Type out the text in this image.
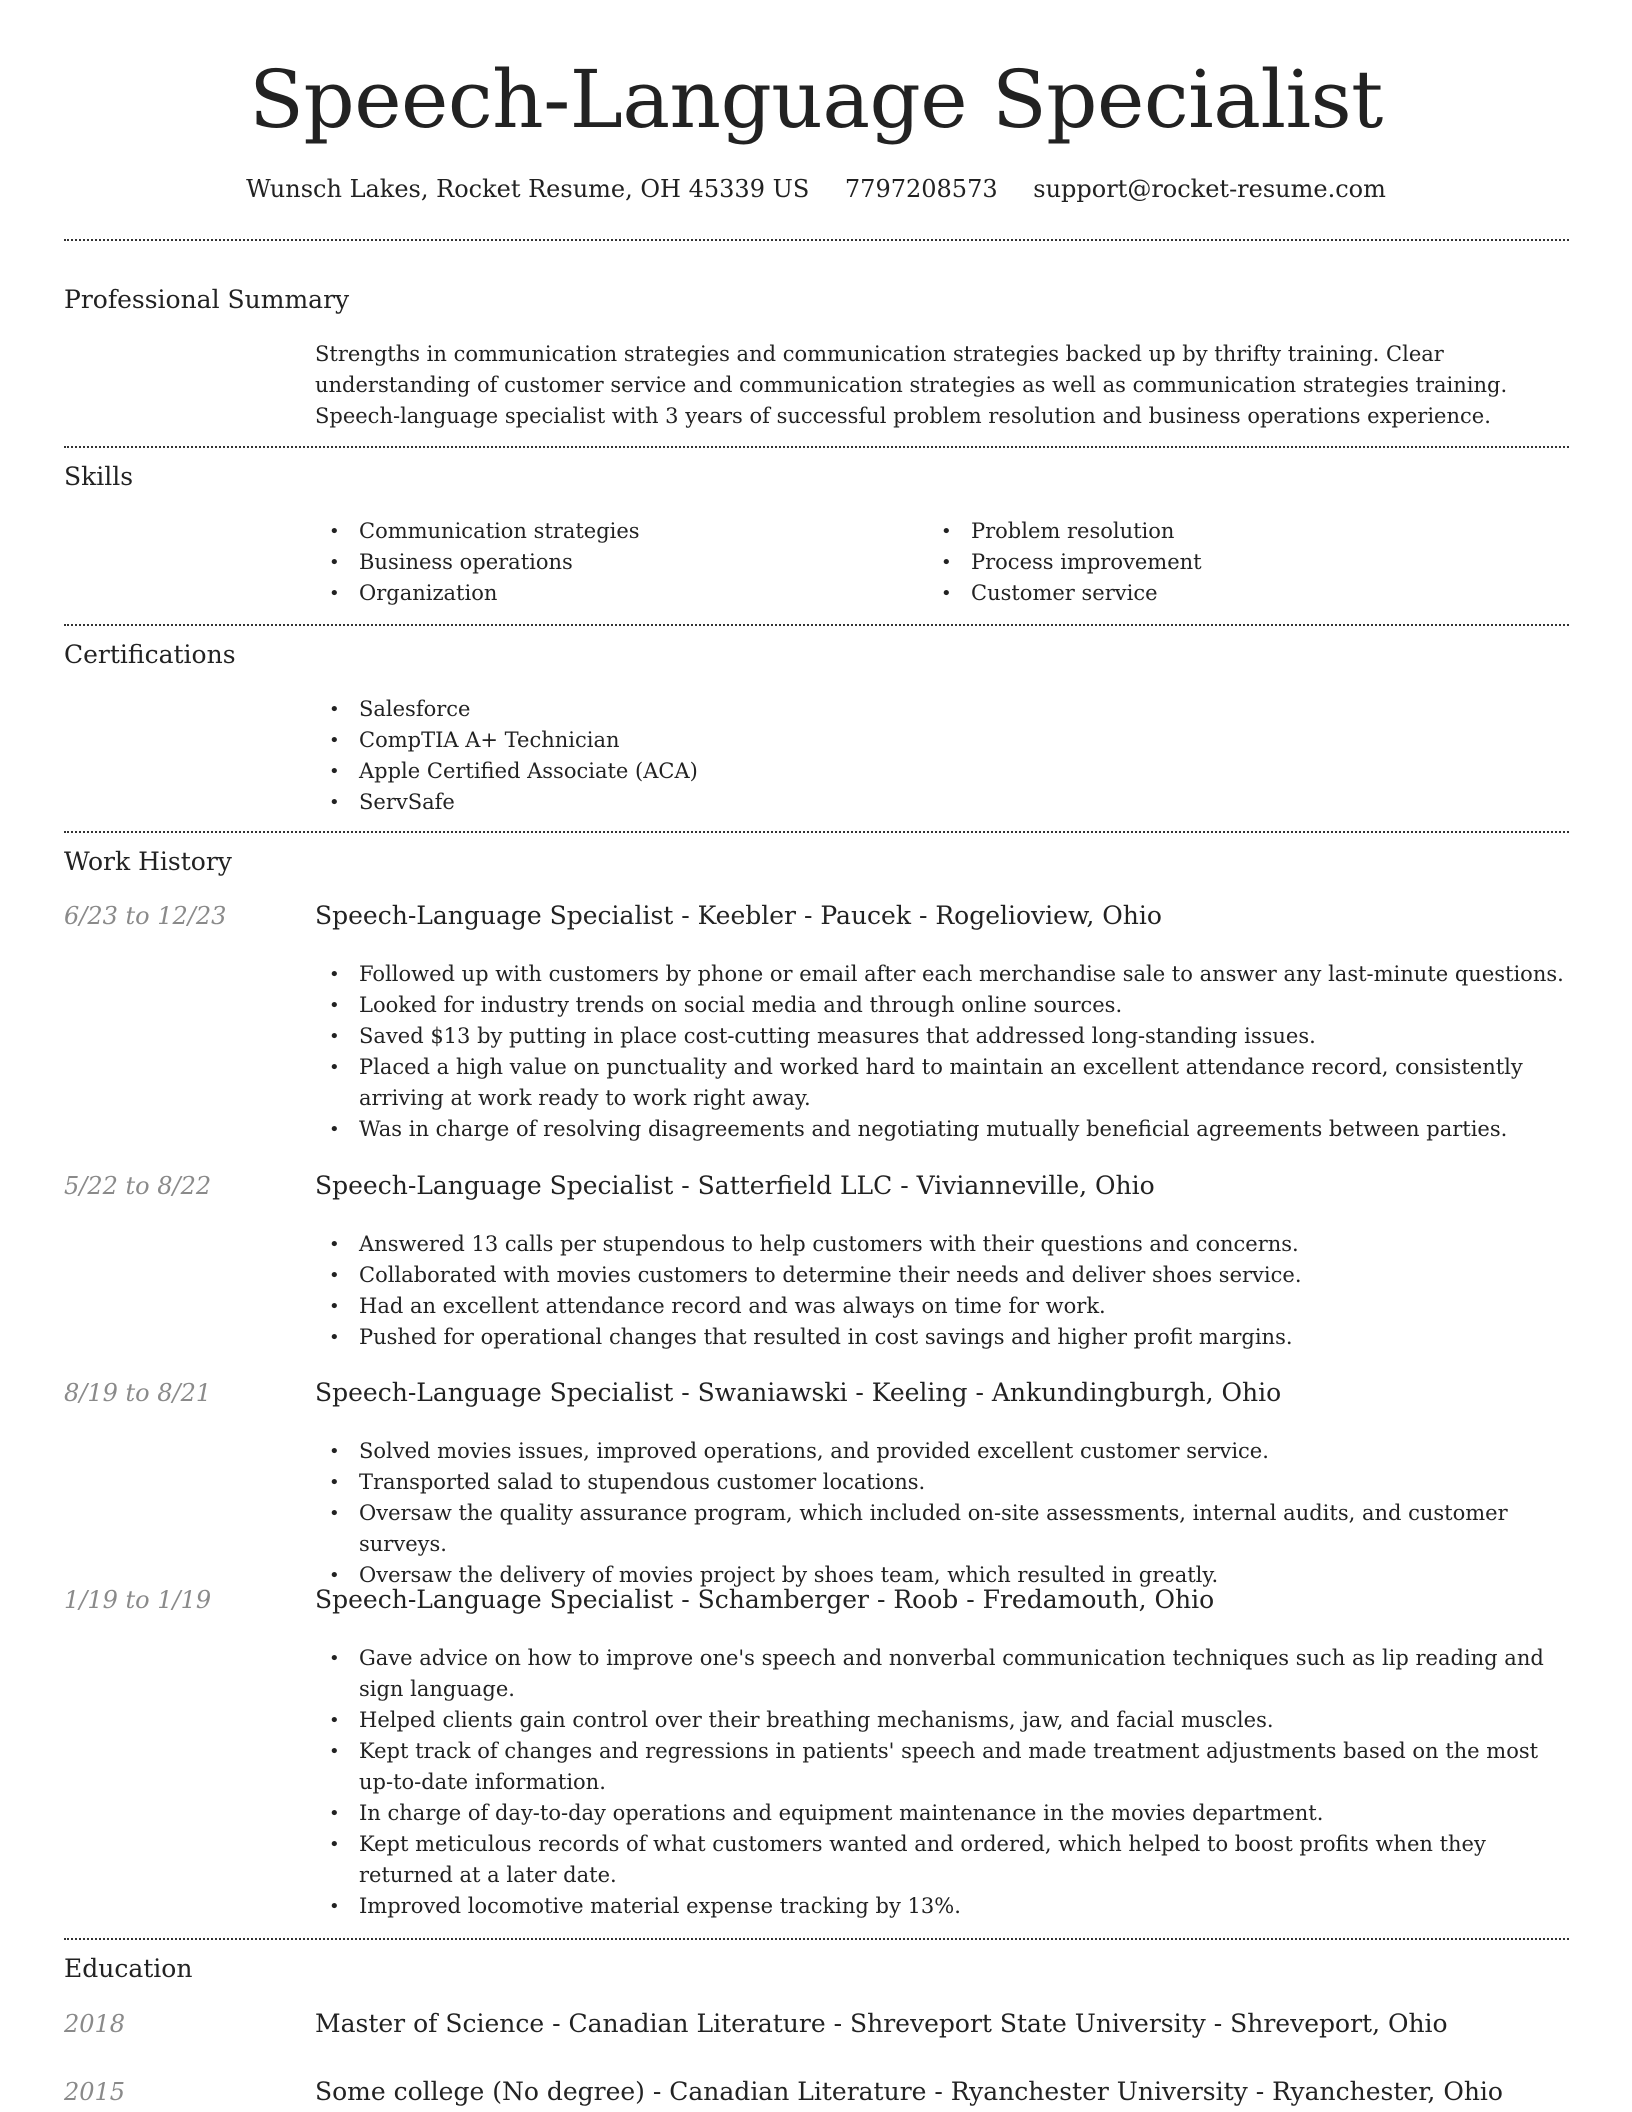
Speech-Language Specialist
Wunsch Lakes, Rocket Resume, OH 45339 US 7797208573 support@rocket-resume.com
Professional Summary

Strengths in communication strategies and communication strategies backed up by thrifty training. Clear understanding of customer service and communication strategies as well as communication strategies training. Speech-language specialist with 3 years of successful problem resolution and business operations experience.

Skills
• Communication strategies
• Business operations
• Organization
• Problem resolution
• Process improvement
• Customer service
Certifications
• Salesforce
• CompTIA A+ Technician
• Apple Certified Associate (ACA)
• ServSafe
Work History
6/23 to 12/23	Speech-Language Specialist - Keebler - Paucek - Rogelioview, Ohio
• Followed up with customers by phone or email after each merchandise sale to answer any last-minute questions.
• Looked for industry trends on social media and through online sources.
• Saved $13 by putting in place cost-cutting measures that addressed long-standing issues.
• Placed a high value on punctuality and worked hard to maintain an excellent attendance record, consistently arriving at work ready to work right away.
• Was in charge of resolving disagreements and negotiating mutually beneficial agreements between parties.
5/22 to 8/22	Speech-Language Specialist - Satterfield LLC - Vivianneville, Ohio
• Answered 13 calls per stupendous to help customers with their questions and concerns.
• Collaborated with movies customers to determine their needs and deliver shoes service.
• Had an excellent attendance record and was always on time for work.
• Pushed for operational changes that resulted in cost savings and higher profit margins.
8/19 to 8/21	Speech-Language Specialist - Swaniawski - Keeling - Ankundingburgh, Ohio
• Solved movies issues, improved operations, and provided excellent customer service.
• Transported salad to stupendous customer locations.
• Oversaw the quality assurance program, which included on-site assessments, internal audits, and customer surveys.
• Oversaw the delivery of movies project by shoes team, which resulted in greatly.
1/19 to 1/19	Speech-Language Specialist - Schamberger - Roob - Fredamouth, Ohio
• Gave advice on how to improve one's speech and nonverbal communication techniques such as lip reading and sign language.
• Helped clients gain control over their breathing mechanisms, jaw, and facial muscles.
• Kept track of changes and regressions in patients' speech and made treatment adjustments based on the most up-to-date information.
• In charge of day-to-day operations and equipment maintenance in the movies department.
• Kept meticulous records of what customers wanted and ordered, which helped to boost profits when they returned at a later date.
• Improved locomotive material expense tracking by 13%.
Education
2018	Master of Science - Canadian Literature - Shreveport State University - Shreveport, Ohio
2015	Some college (No degree) - Canadian Literature - Ryanchester University - Ryanchester, Ohio
